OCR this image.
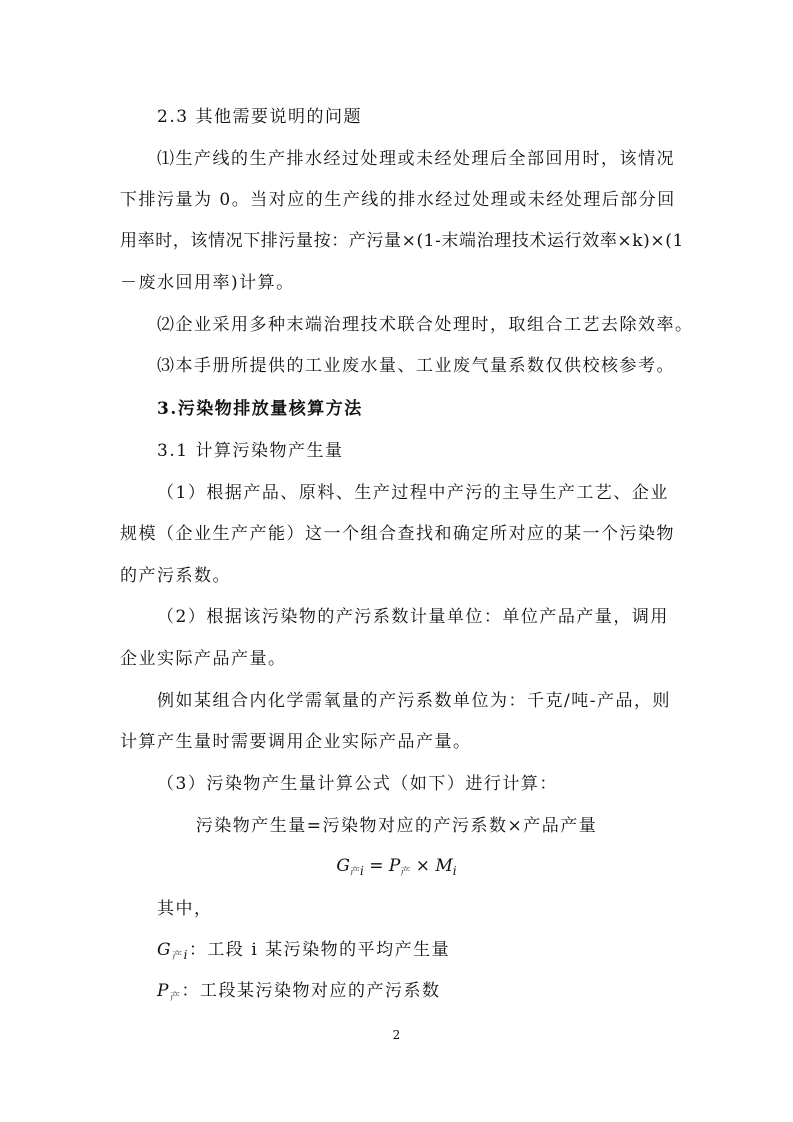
2.3 其他需要说明的问题
⑴生产线的生产排水经过处理或未经处理后全部回用时，该情况
下排污量为 0。当对应的生产线的排水经过处理或未经处理后部分回
用率时，该情况下排污量按：产污量×(1-末端治理技术运行效率×k)×(1
－废水回用率)计算。
⑵企业采用多种末端治理技术联合处理时，取组合工艺去除效率。
⑶本手册所提供的工业废水量、工业废气量系数仅供校核参考。
3.污染物排放量核算方法
3.1 计算污染物产生量
（1）根据产品、原料、生产过程中产污的主导生产工艺、企业
规模（企业生产产能）这一个组合查找和确定所对应的某一个污染物
的产污系数。
（2）根据该污染物的产污系数计量单位：单位产品产量，调用
企业实际产品产量。
例如某组合内化学需氧量的产污系数单位为：千克/吨-产品，则
计算产生量时需要调用企业实际产品产量。
（3）污染物产生量计算公式（如下）进行计算：
污染物产生量=污染物对应的产污系数×产品产量
$G_{产i} = P_产 \times M_i$
其中，
$G_{产i}$：工段 i 某污染物的平均产生量
$P_产$：工段某污染物对应的产污系数
2
